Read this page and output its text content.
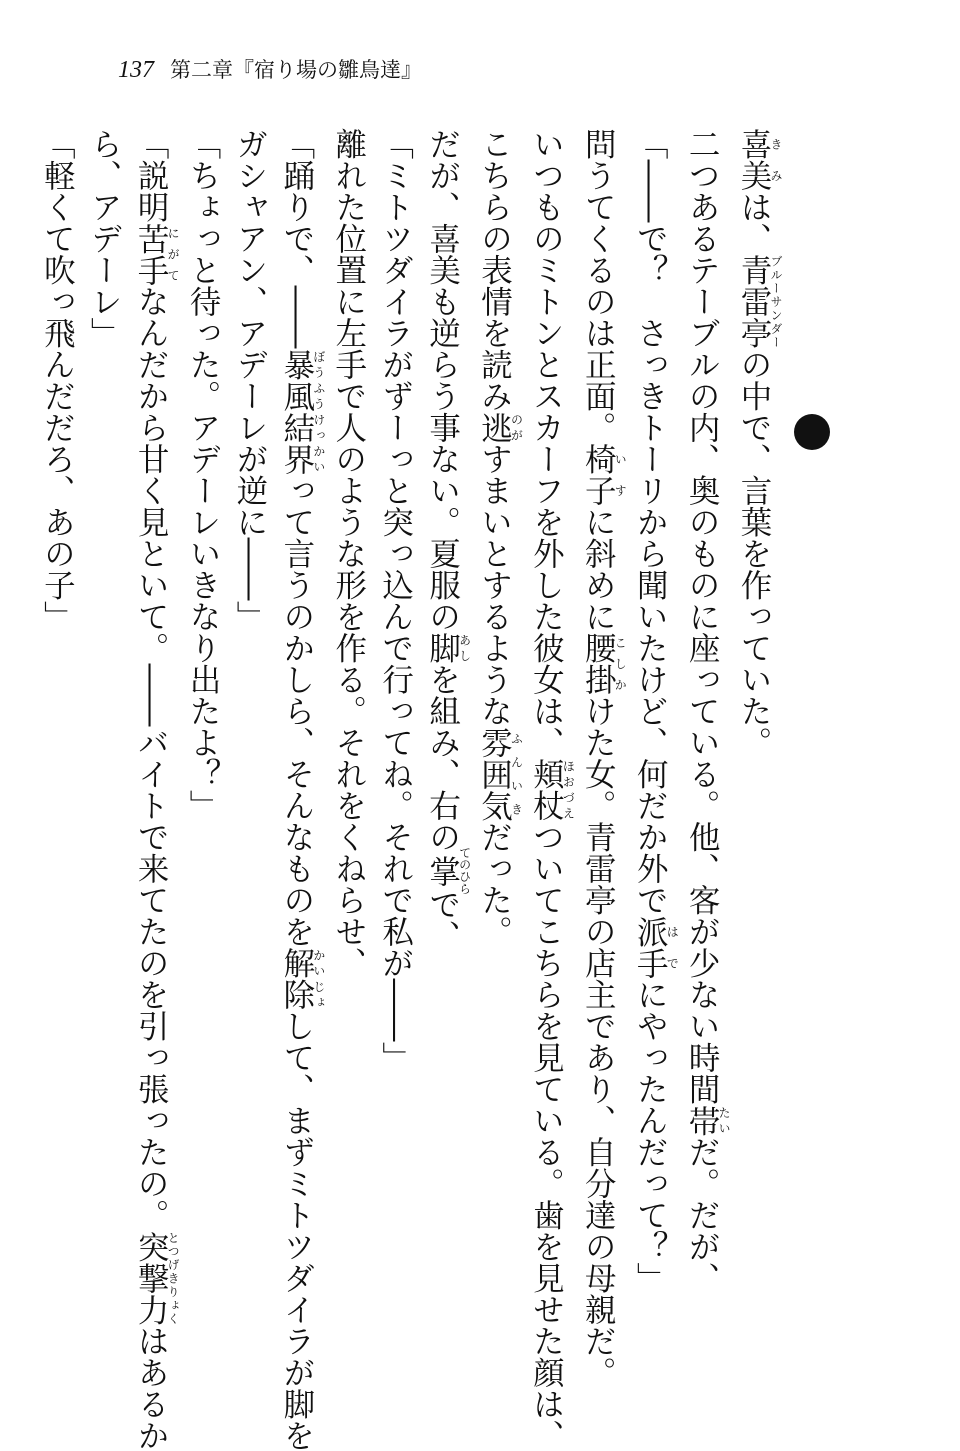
137 第二章『宿り場の雛鳥達』

喜美きみは、青雷亭ブルーサンダーの中で、言葉を作っていた。

二つあるテーブルの内、奥のものに座っている。他、客が少ない時間帯たいだ。だが、

「――で？　さっきトーリから聞いたけど、何だか外で派手はでにやったんだって？」

問うてくるのは正面。椅子いすに斜めに腰掛こしかけた女。青雷亭の店主であり、自分達の母親だ。

いつものミトンとスカーフを外した彼女は、頬杖ほおづえついてこちらを見ている。歯を見せた顔は、

こちらの表情を読み逃のがすまいとするような雰囲気ふんいきだった。

だが、喜美も逆らう事ない。夏服の脚あしを組み、右の掌てのひらで、

「ミトツダイラがずーっと突っ込んで行ってね。それで私が――」

離れた位置に左手で人のような形を作る。それをくねらせ、

「踊りで、――暴風結界ぼうふうけっかいって言うのかしら、そんなものを解除かいじょして、まずミトツダイラが脚を

ガシャアン、アデーレが逆に――」

「ちょっと待った。アデーレいきなり出たよ？」

「説明苦手にがてなんだから甘く見といて。――バイトで来てたのを引っ張ったの。突撃力とつげきりょくはあるか

ら、アデーレ」

「軽くて吹っ飛んだだろ、あの子」
